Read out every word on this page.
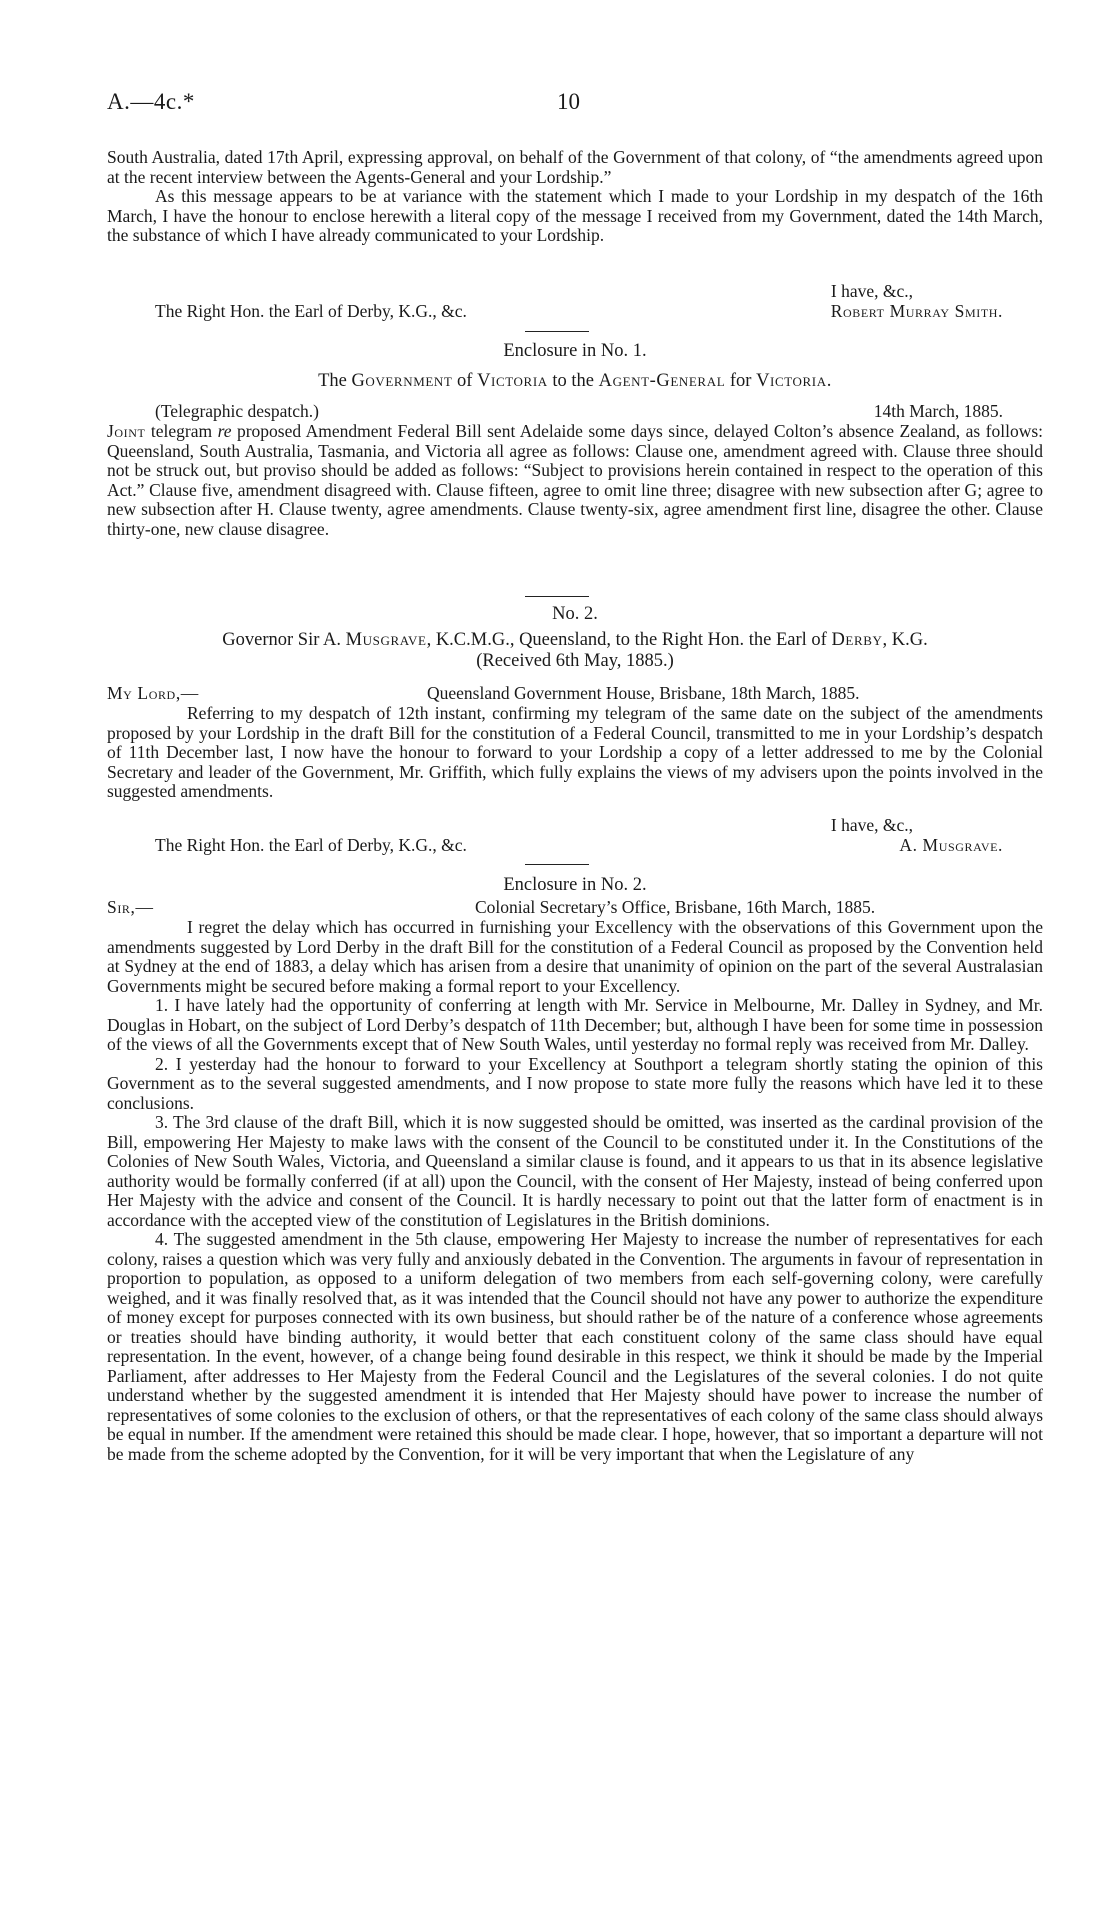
A.—4c.*	10

South Australia, dated 17th April, expressing approval, on behalf of the Government of that colony, of “the amendments agreed upon at the recent interview between the Agents-General and your Lordship.”

As this message appears to be at variance with the statement which I made to your Lordship in my despatch of the 16th March, I have the honour to enclose herewith a literal copy of the message I received from my Government, dated the 14th March, the substance of which I have already communicated to your Lordship.

I have, &c.,
The Right Hon. the Earl of Derby, K.G., &c.	Robert Murray Smith.
Enclosure in No. 1.
The Government of Victoria to the Agent-General for Victoria.
(Telegraphic despatch.)	14th March, 1885.

Joint telegram re proposed Amendment Federal Bill sent Adelaide some days since, delayed Colton’s absence Zealand, as follows: Queensland, South Australia, Tasmania, and Victoria all agree as follows: Clause one, amendment agreed with. Clause three should not be struck out, but proviso should be added as follows: “Subject to provisions herein contained in respect to the operation of this Act.” Clause five, amendment disagreed with. Clause fifteen, agree to omit line three; disagree with new subsection after G; agree to new subsection after H. Clause twenty, agree amendments. Clause twenty-six, agree amendment first line, disagree the other. Clause thirty-one, new clause disagree.

No. 2.
Governor Sir A. Musgrave, K.C.M.G., Queensland, to the Right Hon. the Earl of Derby, K.G.
(Received 6th May, 1885.)
My Lord,—	Queensland Government House, Brisbane, 18th March, 1885.

Referring to my despatch of 12th instant, confirming my telegram of the same date on the subject of the amendments proposed by your Lordship in the draft Bill for the constitution of a Federal Council, transmitted to me in your Lordship’s despatch of 11th December last, I now have the honour to forward to your Lordship a copy of a letter addressed to me by the Colonial Secretary and leader of the Government, Mr. Griffith, which fully explains the views of my advisers upon the points involved in the suggested amendments.

I have, &c.,
The Right Hon. the Earl of Derby, K.G., &c.	A. Musgrave.
Enclosure in No. 2.
Sir,—	Colonial Secretary’s Office, Brisbane, 16th March, 1885.

I regret the delay which has occurred in furnishing your Excellency with the observations of this Government upon the amendments suggested by Lord Derby in the draft Bill for the constitution of a Federal Council as proposed by the Convention held at Sydney at the end of 1883, a delay which has arisen from a desire that unanimity of opinion on the part of the several Australasian Governments might be secured before making a formal report to your Excellency.

1. I have lately had the opportunity of conferring at length with Mr. Service in Melbourne, Mr. Dalley in Sydney, and Mr. Douglas in Hobart, on the subject of Lord Derby’s despatch of 11th December; but, although I have been for some time in possession of the views of all the Governments except that of New South Wales, until yesterday no formal reply was received from Mr. Dalley.

2. I yesterday had the honour to forward to your Excellency at Southport a telegram shortly stating the opinion of this Government as to the several suggested amendments, and I now propose to state more fully the reasons which have led it to these conclusions.

3. The 3rd clause of the draft Bill, which it is now suggested should be omitted, was inserted as the cardinal provision of the Bill, empowering Her Majesty to make laws with the consent of the Council to be constituted under it. In the Constitutions of the Colonies of New South Wales, Victoria, and Queensland a similar clause is found, and it appears to us that in its absence legislative authority would be formally conferred (if at all) upon the Council, with the consent of Her Majesty, instead of being conferred upon Her Majesty with the advice and consent of the Council. It is hardly necessary to point out that the latter form of enactment is in accordance with the accepted view of the constitution of Legislatures in the British dominions.

4. The suggested amendment in the 5th clause, empowering Her Majesty to increase the number of representatives for each colony, raises a question which was very fully and anxiously debated in the Convention. The arguments in favour of representation in proportion to population, as opposed to a uniform delegation of two members from each self-governing colony, were carefully weighed, and it was finally resolved that, as it was intended that the Council should not have any power to authorize the expenditure of money except for purposes connected with its own business, but should rather be of the nature of a conference whose agreements or treaties should have binding authority, it would better that each constituent colony of the same class should have equal representation. In the event, however, of a change being found desirable in this respect, we think it should be made by the Imperial Parliament, after addresses to Her Majesty from the Federal Council and the Legislatures of the several colonies. I do not quite understand whether by the suggested amendment it is intended that Her Majesty should have power to increase the number of representatives of some colonies to the exclusion of others, or that the representatives of each colony of the same class should always be equal in number. If the amendment were retained this should be made clear. I hope, however, that so important a departure will not be made from the scheme adopted by the Convention, for it will be very important that when the Legislature of any
